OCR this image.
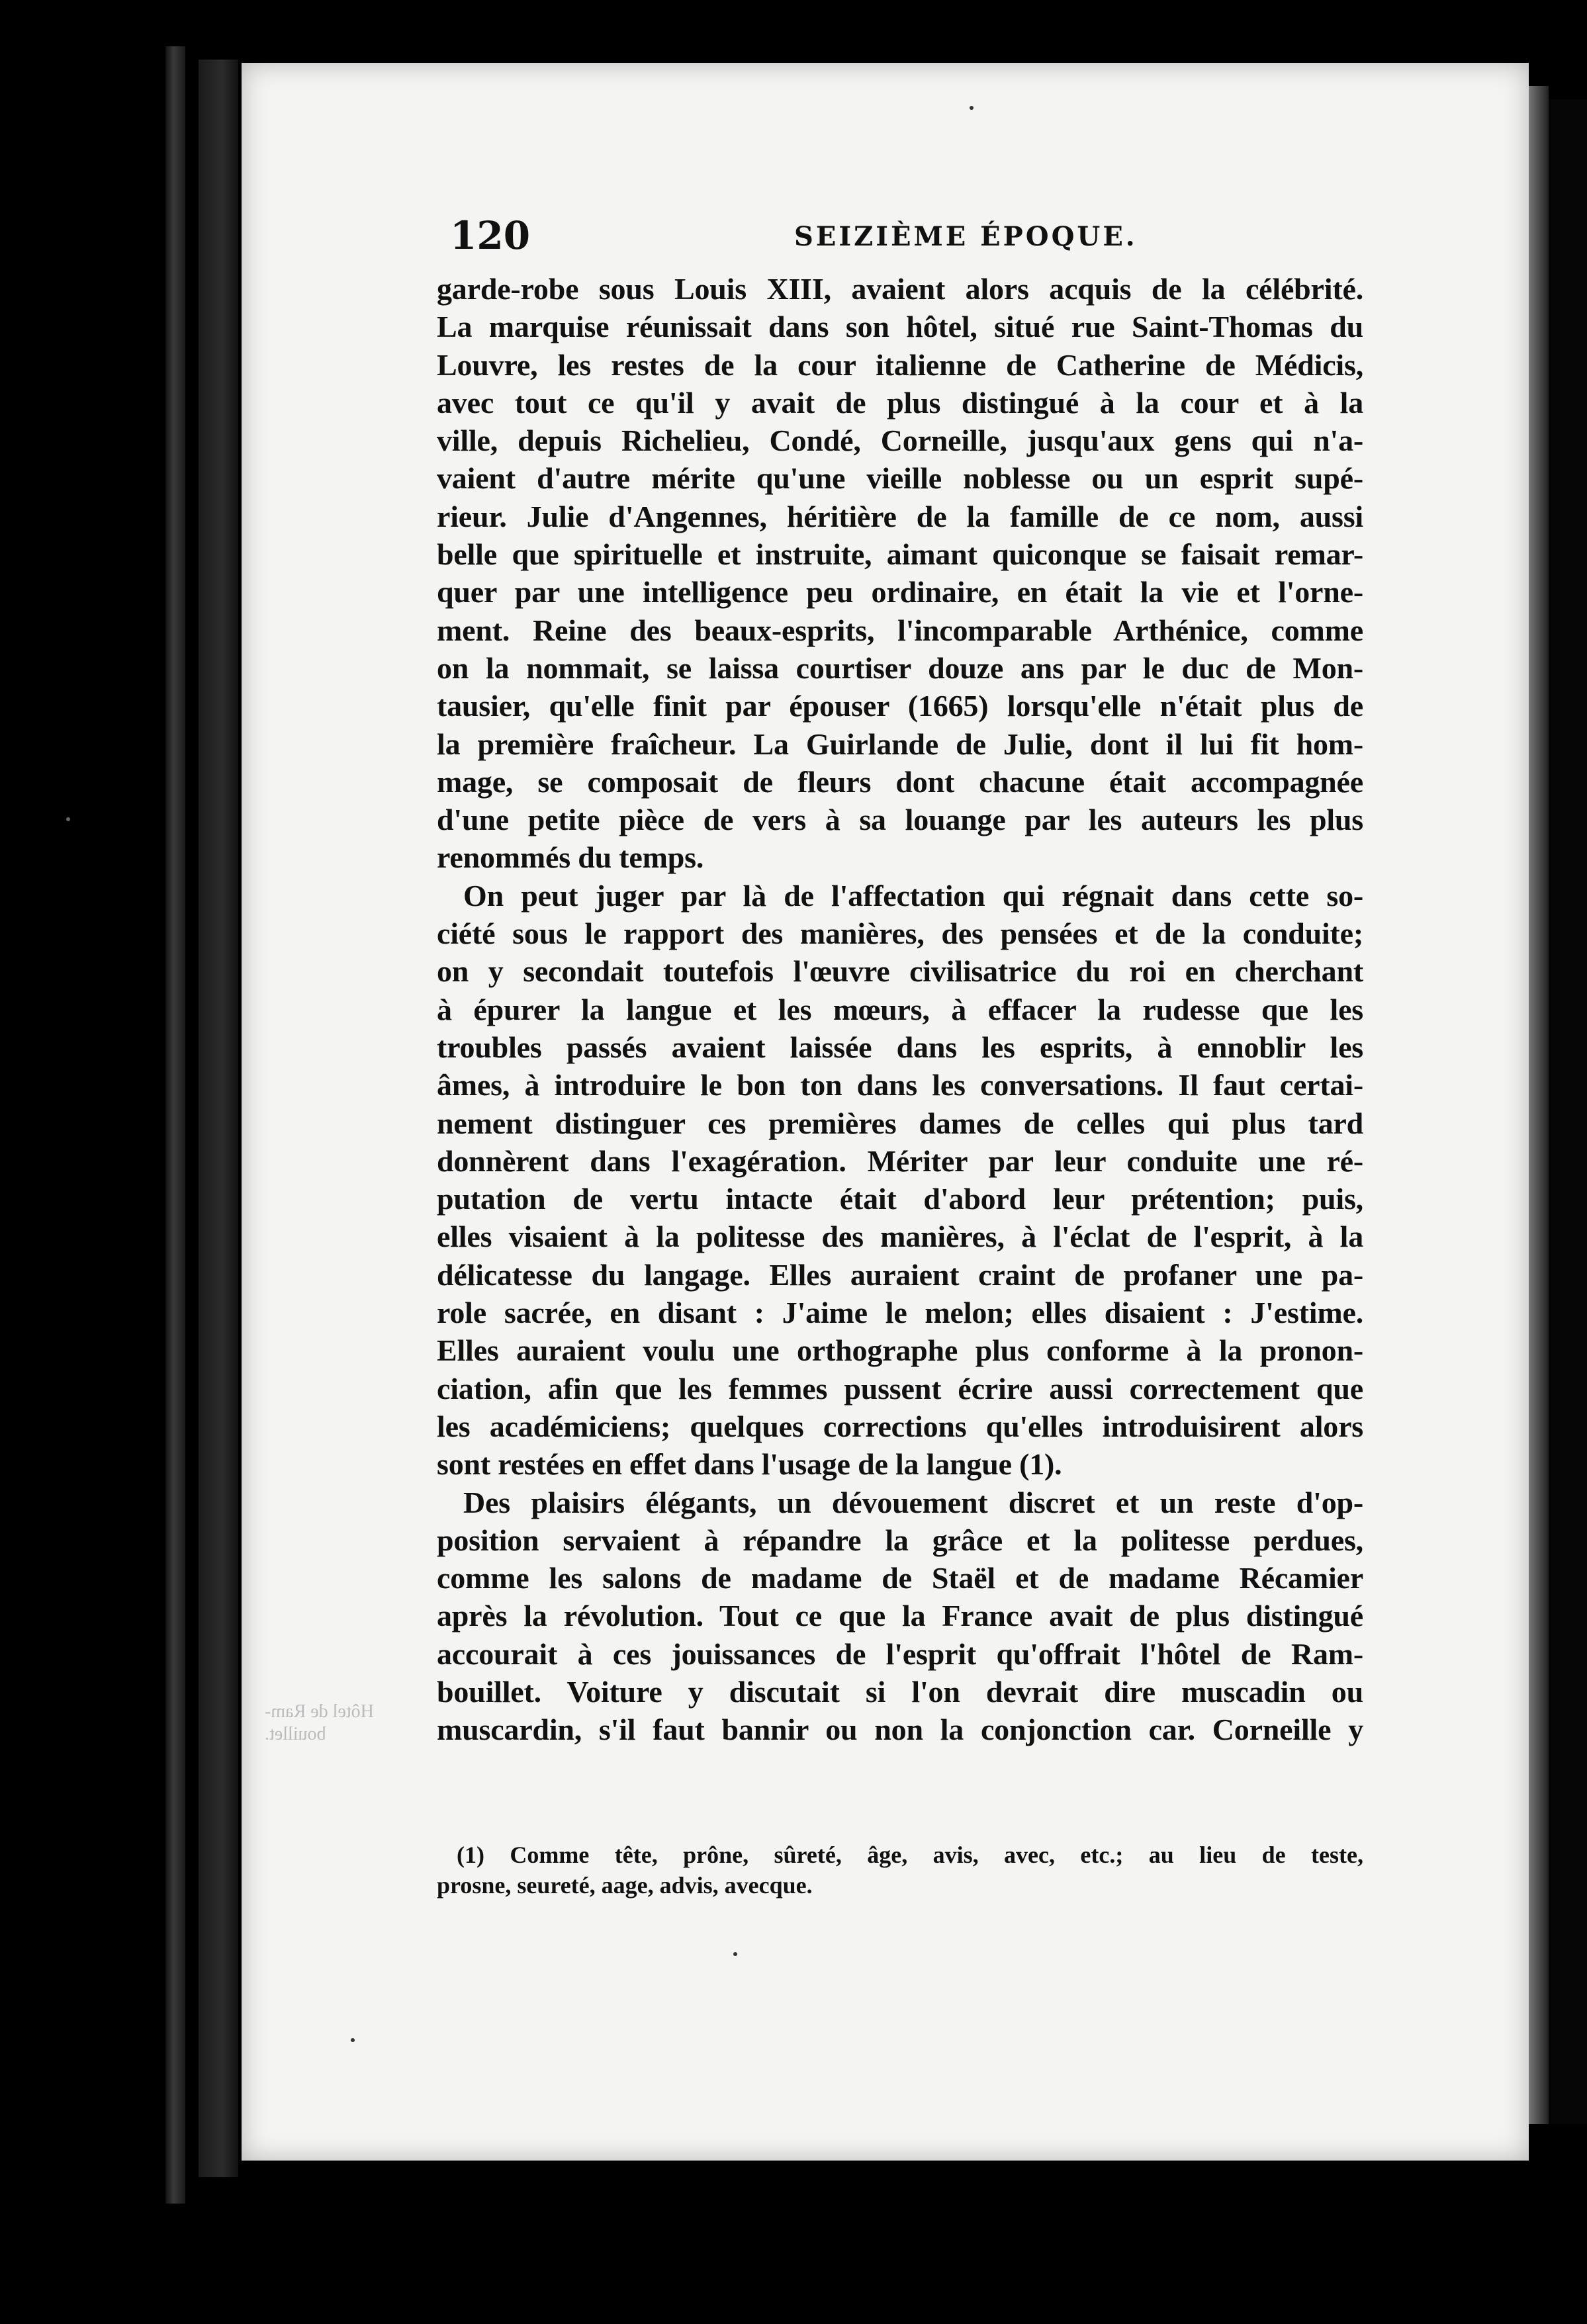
120	SEIZIÈME ÉPOQUE.
garde-robe sous Louis XIII, avaient alors acquis de la célébrité.
La marquise réunissait dans son hôtel, situé rue Saint-Thomas du
Louvre, les restes de la cour italienne de Catherine de Médicis,
avec tout ce qu'il y avait de plus distingué à la cour et à la
ville, depuis Richelieu, Condé, Corneille, jusqu'aux gens qui n'a-
vaient d'autre mérite qu'une vieille noblesse ou un esprit supé-
rieur. Julie d'Angennes, héritière de la famille de ce nom, aussi
belle que spirituelle et instruite, aimant quiconque se faisait remar-
quer par une intelligence peu ordinaire, en était la vie et l'orne-
ment. Reine des beaux-esprits, l'incomparable Arthénice, comme
on la nommait, se laissa courtiser douze ans par le duc de Mon-
tausier, qu'elle finit par épouser (1665) lorsqu'elle n'était plus de
la première fraîcheur. La Guirlande de Julie, dont il lui fit hom-
mage, se composait de fleurs dont chacune était accompagnée
d'une petite pièce de vers à sa louange par les auteurs les plus
renommés du temps.
On peut juger par là de l'affectation qui régnait dans cette so-
ciété sous le rapport des manières, des pensées et de la conduite;
on y secondait toutefois l'œuvre civilisatrice du roi en cherchant
à épurer la langue et les mœurs, à effacer la rudesse que les
troubles passés avaient laissée dans les esprits, à ennoblir les
âmes, à introduire le bon ton dans les conversations. Il faut certai-
nement distinguer ces premières dames de celles qui plus tard
donnèrent dans l'exagération. Mériter par leur conduite une ré-
putation de vertu intacte était d'abord leur prétention; puis,
elles visaient à la politesse des manières, à l'éclat de l'esprit, à la
délicatesse du langage. Elles auraient craint de profaner une pa-
role sacrée, en disant : J'aime le melon; elles disaient : J'estime.
Elles auraient voulu une orthographe plus conforme à la pronon-
ciation, afin que les femmes pussent écrire aussi correctement que
les académiciens; quelques corrections qu'elles introduisirent alors
sont restées en effet dans l'usage de la langue (1).
Des plaisirs élégants, un dévouement discret et un reste d'op-
position servaient à répandre la grâce et la politesse perdues,
comme les salons de madame de Staël et de madame Récamier
après la révolution. Tout ce que la France avait de plus distingué
accourait à ces jouissances de l'esprit qu'offrait l'hôtel de Ram-
bouillet. Voiture y discutait si l'on devrait dire muscadin ou
muscardin, s'il faut bannir ou non la conjonction car. Corneille y
(1) Comme tête, prône, sûreté, âge, avis, avec, etc.; au lieu de teste,
prosne, seureté, aage, advis, avecque.
Hôtel de Ram-
bouillet.
